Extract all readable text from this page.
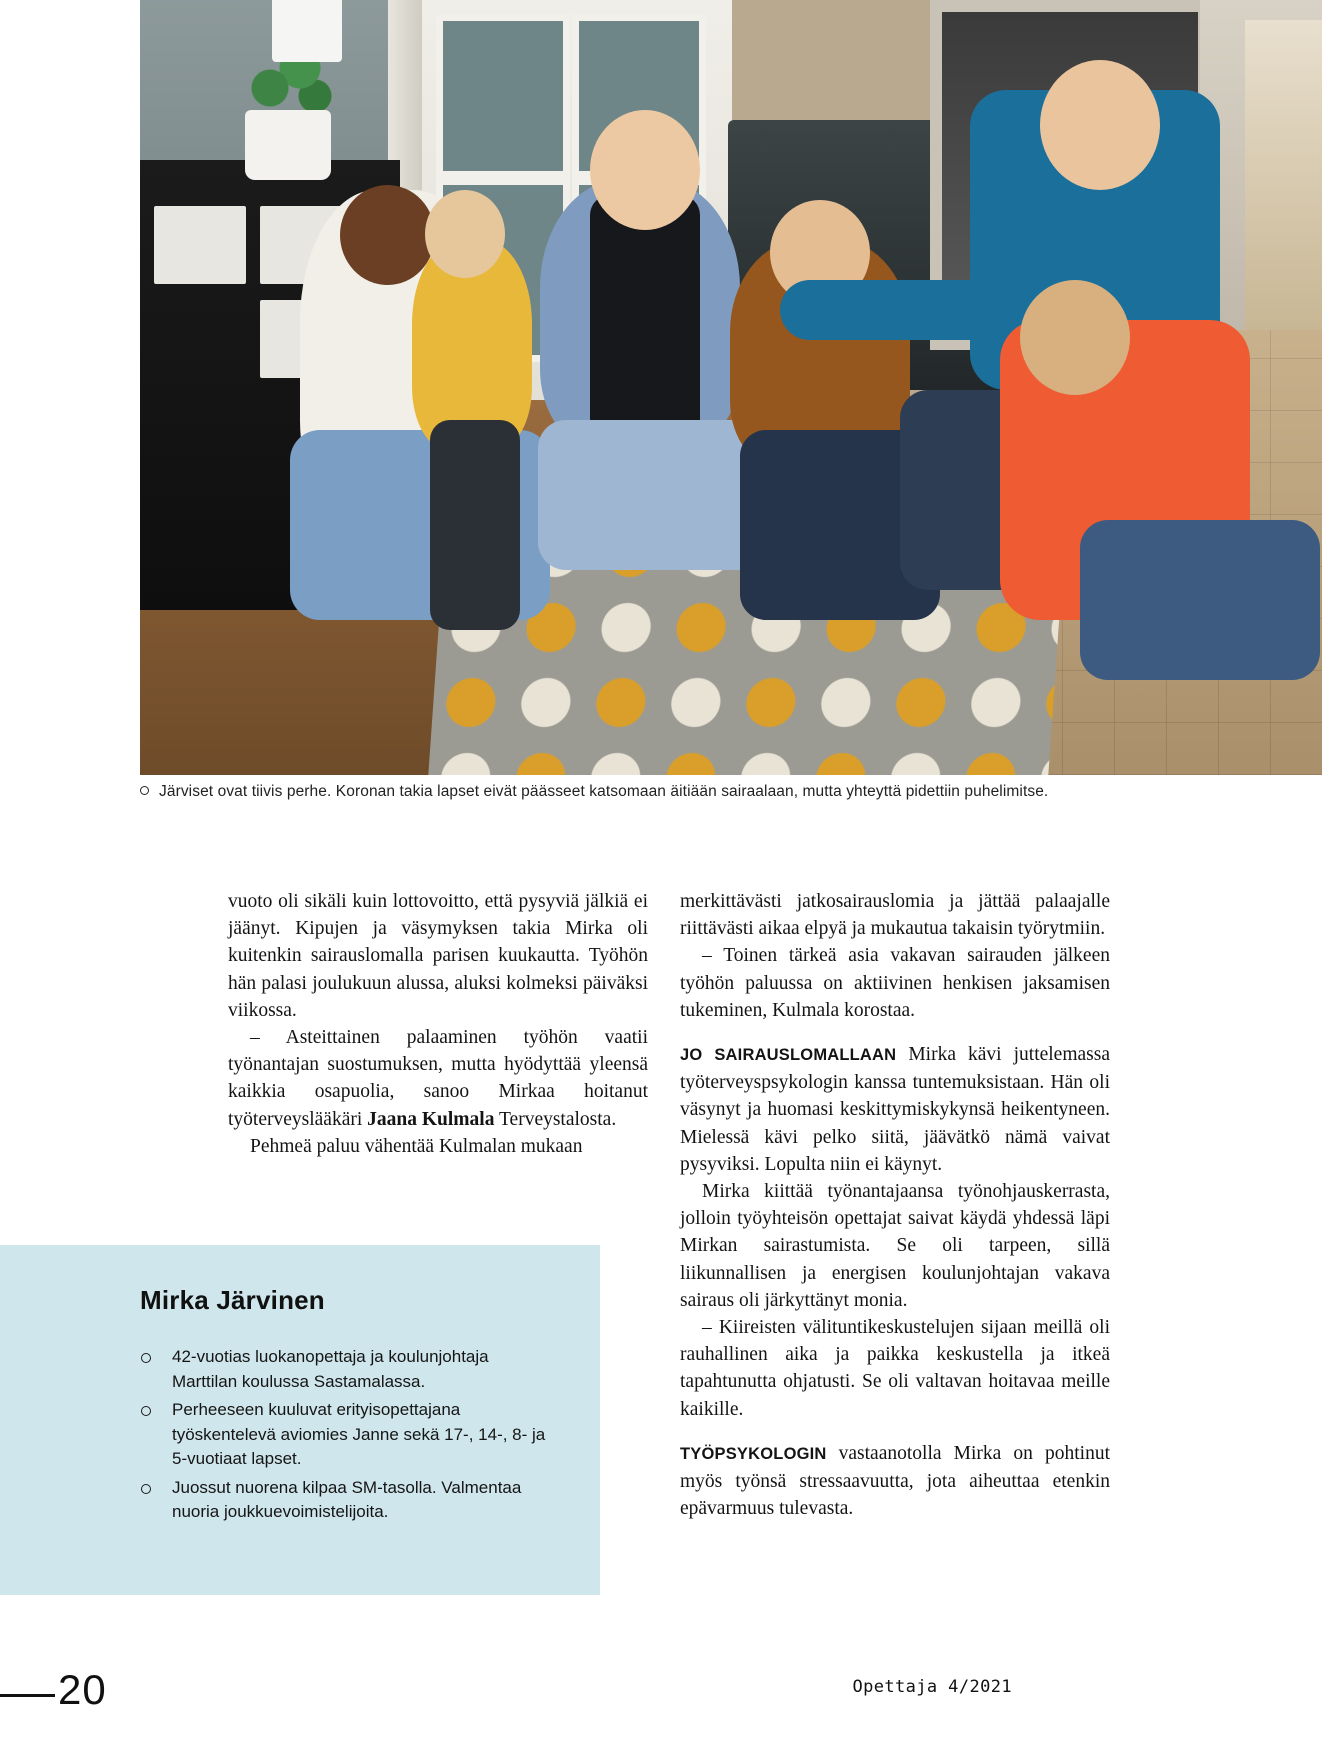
Järviset ovat tiivis perhe. Koronan takia lapset eivät päässeet katsomaan äitiään sairaalaan, mutta yhteyttä pidettiin puhelimitse.

vuoto oli sikäli kuin lottovoitto, että pysyviä jälkiä ei jäänyt. Kipujen ja väsymyksen takia Mirka oli kuitenkin sairauslomalla parisen kuukautta. Työhön hän palasi joulukuun alussa, aluksi kolmeksi päiväksi viikossa.

– Asteittainen palaaminen työhön vaatii työnantajan suostumuksen, mutta hyödyttää yleensä kaikkia osapuolia, sanoo Mirkaa hoitanut työterveyslääkäri Jaana Kulmala Terveystalosta.

Pehmeä paluu vähentää Kulmalan mukaan

merkittävästi jatkosairauslomia ja jättää palaajalle riittävästi aikaa elpyä ja mukautua takaisin työrytmiin.

– Toinen tärkeä asia vakavan sairauden jälkeen työhön paluussa on aktiivinen henkisen jaksamisen tukeminen, Kulmala korostaa.

JO SAIRAUSLOMALLAAN Mirka kävi juttelemassa työterveyspsykologin kanssa tuntemuksistaan. Hän oli väsynyt ja huomasi keskittymiskykynsä heikentyneen. Mielessä kävi pelko siitä, jäävätkö nämä vaivat pysyviksi. Lopulta niin ei käynyt.

Mirka kiittää työnantajaansa työnohjauskerrasta, jolloin työyhteisön opettajat saivat käydä yhdessä läpi Mirkan sairastumista. Se oli tarpeen, sillä liikunnallisen ja energisen koulunjohtajan vakava sairaus oli järkyttänyt monia.

– Kiireisten välituntikeskustelujen sijaan meillä oli rauhallinen aika ja paikka keskustella ja itkeä tapahtunutta ohjatusti. Se oli valtavan hoitavaa meille kaikille.

TYÖPSYKOLOGIN vastaanotolla Mirka on pohtinut myös työnsä stressaavuutta, jota aiheuttaa etenkin epävarmuus tulevasta.

Mirka Järvinen
42-vuotias luokanopettaja ja koulunjohtaja Marttilan koulussa Sastamalassa.
Perheeseen kuuluvat erityisopettajana työskentelevä aviomies Janne sekä 17-, 14-, 8- ja 5-vuotiaat lapset.
Juossut nuorena kilpaa SM-tasolla. Valmentaa nuoria joukkuevoimistelijoita.
20	Opettaja 4/2021
